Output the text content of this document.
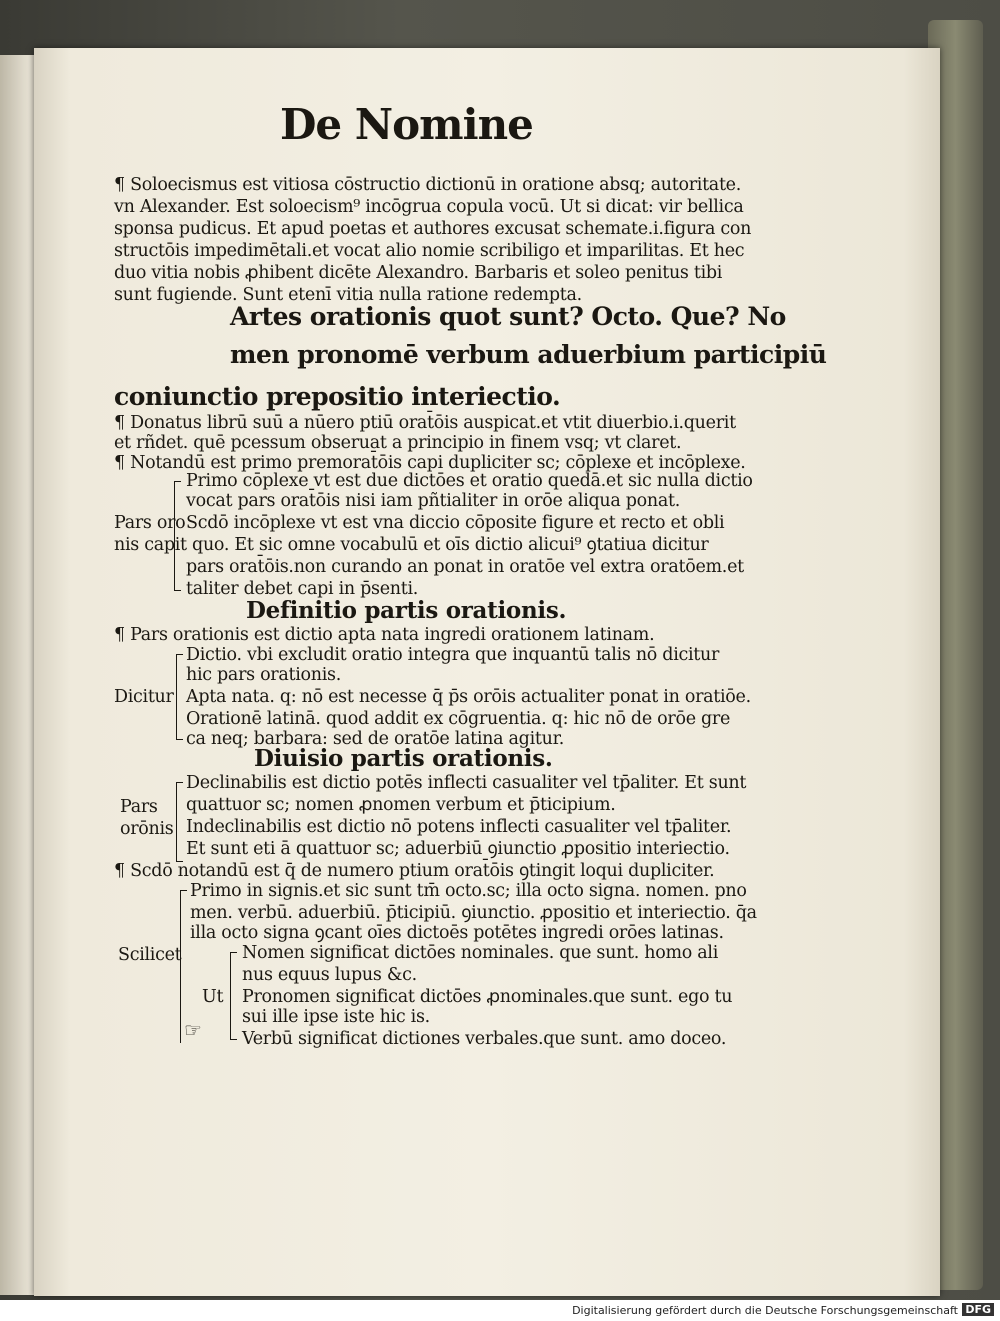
De Nomine
¶ Soloecismus est vitiosa cōstructio dictionū in oratione absq; autoritate.
vn Alexander. Est soloecism⁹ incōgrua copula vocū. Ut si dicat: vir bellica
sponsa pudicus. Et apud poetas et authores excusat schemate.i.figura con
structōis impedimētali.et vocat alio nomie scribiligo et imparilitas. Et hec
duo vitia nobis ꝓhibent dicēte Alexandro. Barbaris et soleo penitus tibi
sunt fugiende. Sunt etenī vitia nulla ratione redempta.
Artes orationis quot sunt? Octo. Que? No
men pronomē verbum aduerbium participiū
coniunctio prepositio interiectio.
¶ Donatus librū suū a nūero ptiū orat̄ōis auspicat.et vtit diuerbio.i.querit
et rñdet. quē pcessum obseruat a principio in finem vsq; vt claret.
¶ Notandū est primo premorat̄ōis capi dupliciter sc; cōplexe et incōplexe.
Pars oro
Primo cōplexe vt est due dictōes et oratio quedā.et sic nulla dictio
vocat pars orat̄ōis nisi iam pñtialiter in orōe aliqua ponat.
Scdō incōplexe vt est vna diccio cōposite figure et recto et obli
nis capit quo. Et sic omne vocabulū et oīs dictio alicui⁹ ꝯtatiua dicitur
pars orat̄ōis.non curando an ponat in oratōe vel extra oratōem.et
taliter debet capi in p̄senti.
Definitio partis orationis.
¶ Pars orationis est dictio apta nata ingredi orationem latinam.
Dicitur
Dictio. vbi excludit oratio integra que inquantū talis nō dicitur
hic pars orationis.
Apta nata. q: nō est necesse q̄ p̄s orōis actualiter ponat in oratiōe.
Orationē latinā. quod addit ex cōgruentia. q: hic nō de orōe gre
ca neq; barbara: sed de oratōe latina agitur.
Diuisio partis orationis.
Pars
orōnis
Declinabilis est dictio potēs inflecti casualiter vel tp̄aliter. Et sunt
quattuor sc; nomen ꝓnomen verbum et p̄ticipium.
Indeclinabilis est dictio nō potens inflecti casualiter vel tp̄aliter.
Et sunt eti ā quattuor sc; aduerbiū ꝯiunctio ꝓpositio interiectio.
¶ Scdō notandū est q̄ de numero ptium orat̄ōis ꝯtingit loqui dupliciter.
Scilicet
Primo in signis.et sic sunt tm̄ octo.sc; illa octo signa. nomen. pno
men. verbū. aduerbiū. p̄ticipiū. ꝯiunctio. ꝓpositio et interiectio. q̄a
illa octo signa ꝯcant oīes dictoēs potētes ingredi orōes latinas.
Ut
Nomen significat dictōes nominales. que sunt. homo ali
nus equus lupus &c.
Pronomen significat dictōes ꝓnominales.que sunt. ego tu
sui ille ipse iste hic is.
Verbū significat dictiones verbales.que sunt. amo doceo.
☞
Digitalisierung gefördert durch die Deutsche Forschungsgemeinschaft DFG
